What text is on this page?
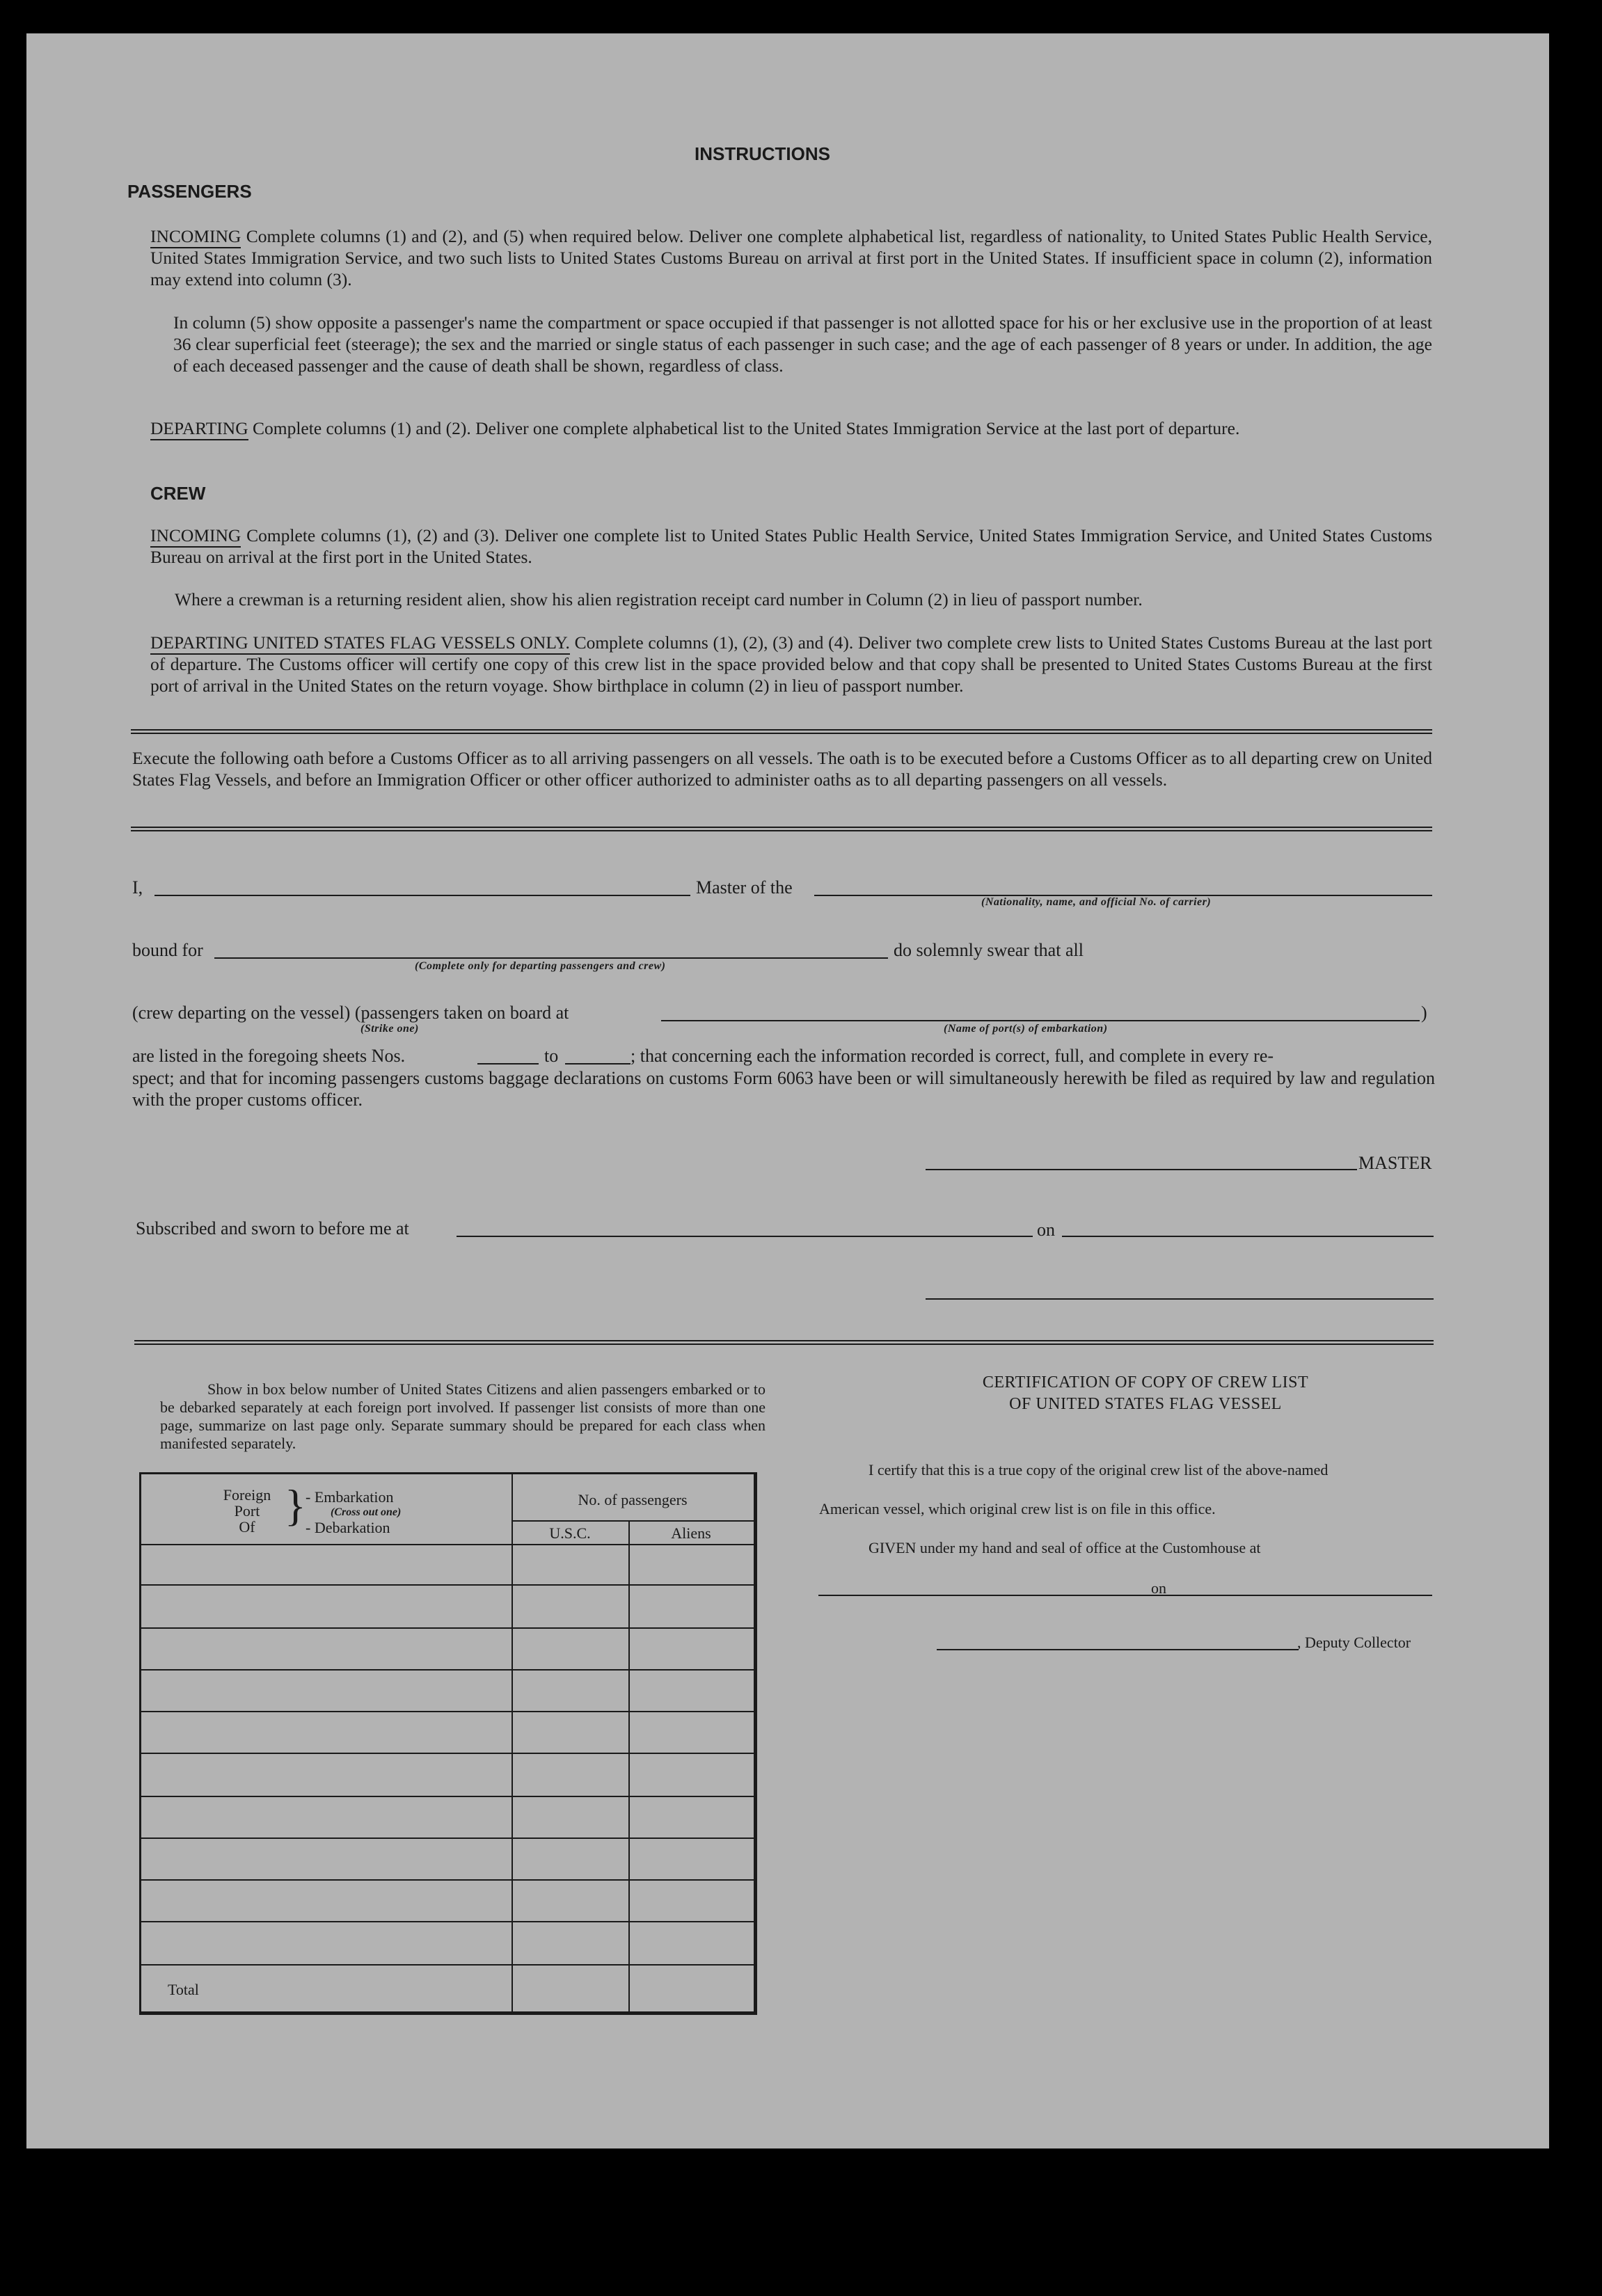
INSTRUCTIONS
PASSENGERS
INCOMING Complete columns (1) and (2), and (5) when required below. Deliver one complete alphabetical list, regardless of nationality, to United States Public Health Service, United States Immigration Service, and two such lists to United States Customs Bureau on arrival at first port in the United States. If insufficient space in column (2), information may extend into column (3).
In column (5) show opposite a passenger's name the compartment or space occupied if that passenger is not allotted space for his or her exclusive use in the proportion of at least 36 clear superficial feet (steerage); the sex and the married or single status of each passenger in such case; and the age of each passenger of 8 years or under. In addition, the age of each deceased passenger and the cause of death shall be shown, regardless of class.
DEPARTING Complete columns (1) and (2). Deliver one complete alphabetical list to the United States Immigration Service at the last port of departure.
CREW
INCOMING Complete columns (1), (2) and (3). Deliver one complete list to United States Public Health Service, United States Immigration Service, and United States Customs Bureau on arrival at the first port in the United States.
Where a crewman is a returning resident alien, show his alien registration receipt card number in Column (2) in lieu of passport number.
DEPARTING UNITED STATES FLAG VESSELS ONLY. Complete columns (1), (2), (3) and (4). Deliver two complete crew lists to United States Customs Bureau at the last port of departure. The Customs officer will certify one copy of this crew list in the space provided below and that copy shall be presented to United States Customs Bureau at the first port of arrival in the United States on the return voyage. Show birthplace in column (2) in lieu of passport number.
Execute the following oath before a Customs Officer as to all arriving passengers on all vessels. The oath is to be executed before a Customs Officer as to all departing crew on United States Flag Vessels, and before an Immigration Officer or other officer authorized to administer oaths as to all departing passengers on all vessels.
I,	Master of the
(Nationality, name, and official No. of carrier)
bound for
(Complete only for departing passengers and crew)
do solemnly swear that all
(crew departing on the vessel) (passengers taken on board at	)
(Strike one)	(Name of port(s) of embarkation)
are listed in the foregoing sheets Nos.	to	; that concerning each the information recorded is correct, full, and complete in every re-
spect; and that for incoming passengers customs baggage declarations on customs Form 6063 have been or will simultaneously herewith be filed as required by law and regulation with the proper customs officer.
MASTER
Subscribed and sworn to before me at	on
Show in box below number of United States Citizens and alien passengers embarked or to be debarked separately at each foreign port involved. If passenger list consists of more than one page, summarize on last page only. Separate summary should be prepared for each class when manifested separately.
Foreign
Port
Of } - Embarkation
(Cross out one)
- Debarkation
No. of passengers
U.S.C.	Aliens
Total
CERTIFICATION OF COPY OF CREW LIST
OF UNITED STATES FLAG VESSEL
I certify that this is a true copy of the original crew list of the above-named
American vessel, which original crew list is on file in this office.
GIVEN under my hand and seal of office at the Customhouse at
on
, Deputy Collector
